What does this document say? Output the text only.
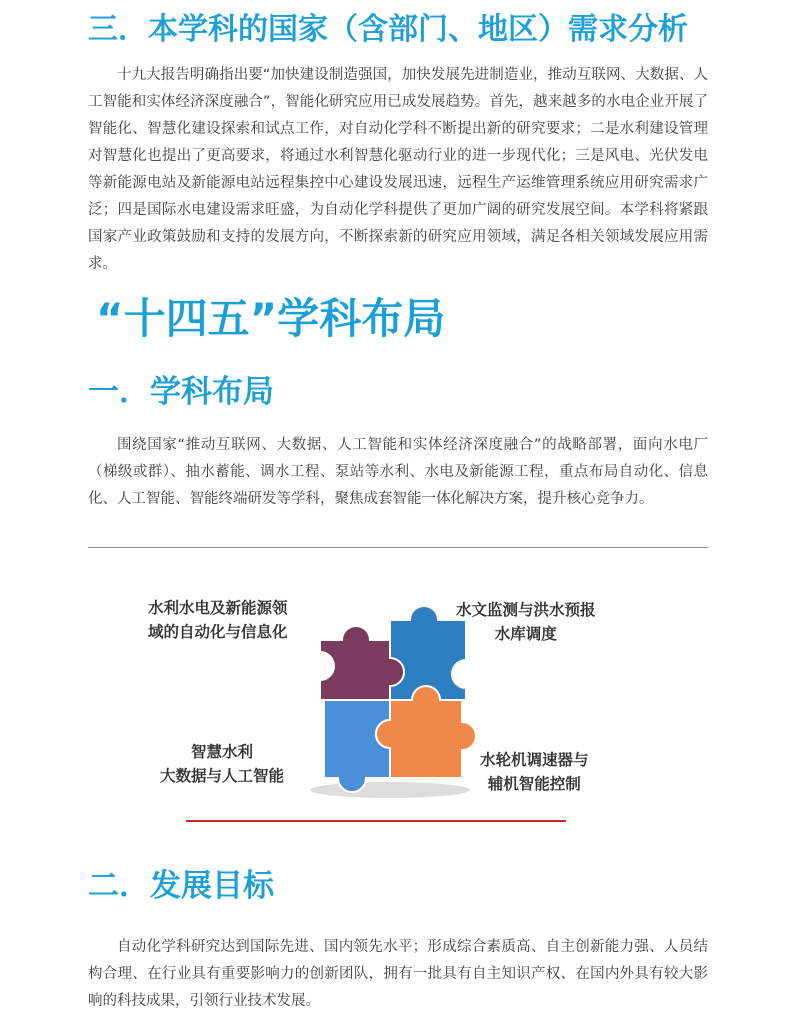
三．本学科的国家（含部门、地区）需求分析

十九大报告明确指出要“加快建设制造强国，加快发展先进制造业，推动互联网、大数据、人工智能和实体经济深度融合”，智能化研究应用已成发展趋势。首先，越来越多的水电企业开展了智能化、智慧化建设探索和试点工作，对自动化学科不断提出新的研究要求；二是水利建设管理对智慧化也提出了更高要求，将通过水利智慧化驱动行业的进一步现代化；三是风电、光伏发电等新能源电站及新能源电站远程集控中心建设发展迅速，远程生产运维管理系统应用研究需求广泛；四是国际水电建设需求旺盛，为自动化学科提供了更加广阔的研究发展空间。本学科将紧跟国家产业政策鼓励和支持的发展方向，不断探索新的研究应用领域，满足各相关领域发展应用需求。

“十四五”学科布局
一．学科布局

围绕国家“推动互联网、大数据、人工智能和实体经济深度融合”的战略部署，面向水电厂（梯级或群）、抽水蓄能、调水工程、泵站等水利、水电及新能源工程，重点布局自动化、信息化、人工智能、智能终端研发等学科，聚焦成套智能一体化解决方案，提升核心竞争力。

水利水电及新能源领
域的自动化与信息化
水文监测与洪水预报
水库调度
智慧水利
大数据与人工智能
水轮机调速器与
辅机智能控制
二．发展目标

自动化学科研究达到国际先进、国内领先水平；形成综合素质高、自主创新能力强、人员结构合理、在行业具有重要影响力的创新团队，拥有一批具有自主知识产权、在国内外具有较大影响的科技成果，引领行业技术发展。
